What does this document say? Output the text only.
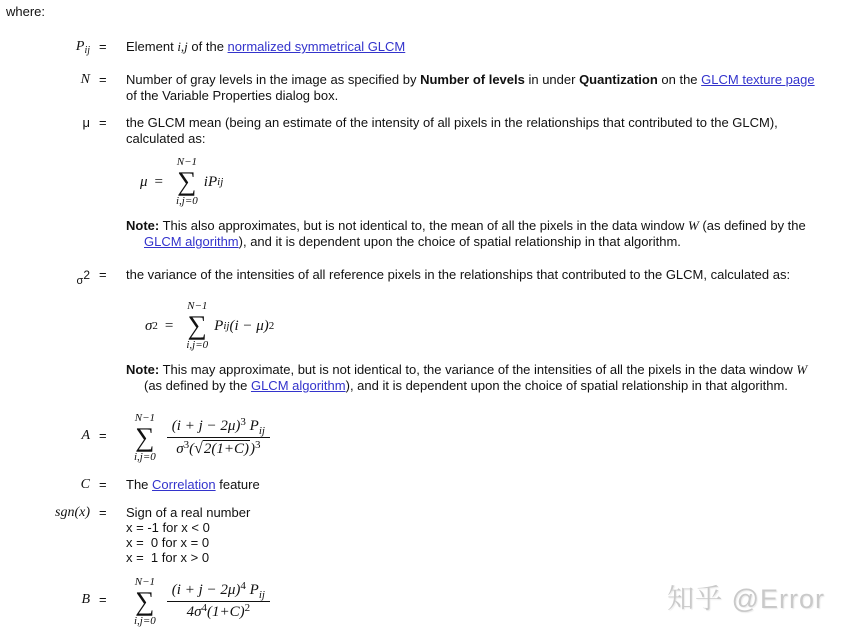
where:
$P_{ij}$ =	Element i,j of the normalized symmetrical GLCM
N =	Number of gray levels in the image as specified by Number of levels in under Quantization on the GLCM texture page of the Variable Properties dialog box.
μ =	the GLCM mean (being an estimate of the intensity of all pixels in the relationships that contributed to the GLCM), calculated as:
μ =
N−1
∑
i,j=0
iP ij
Note: This also approximates, but is not identical to, the mean of all the pixels in the data window W (as defined by the GLCM algorithm), and it is dependent upon the choice of spatial relationship in that algorithm.
$_\sigma$2 =	the variance of the intensities of all reference pixels in the relationships that contributed to the GLCM, calculated as:
σ 2 =
N−1
∑
i,j=0
P ij (i − μ) 2
Note: This may approximate, but is not identical to, the variance of the intensities of all the pixels in the data window W (as defined by the GLCM algorithm), and it is dependent upon the choice of spatial relationship in that algorithm.
A =
N−1
∑
$i,j=0 \frac{(i + j - 2\mu)^3 P_{ij}}{\sigma^3(√2(1+C))^3}$
C =	The Correlation feature
sgn(x) =	Sign of a real number
x = -1 for x < 0
x =  0 for x = 0
x =  1 for x > 0
B =
N−1
∑
$i,j=0 \frac{(i + j - 2\mu)^4 P_{ij}}{4\sigma^4(1+C)^2}$	知乎 @Error
